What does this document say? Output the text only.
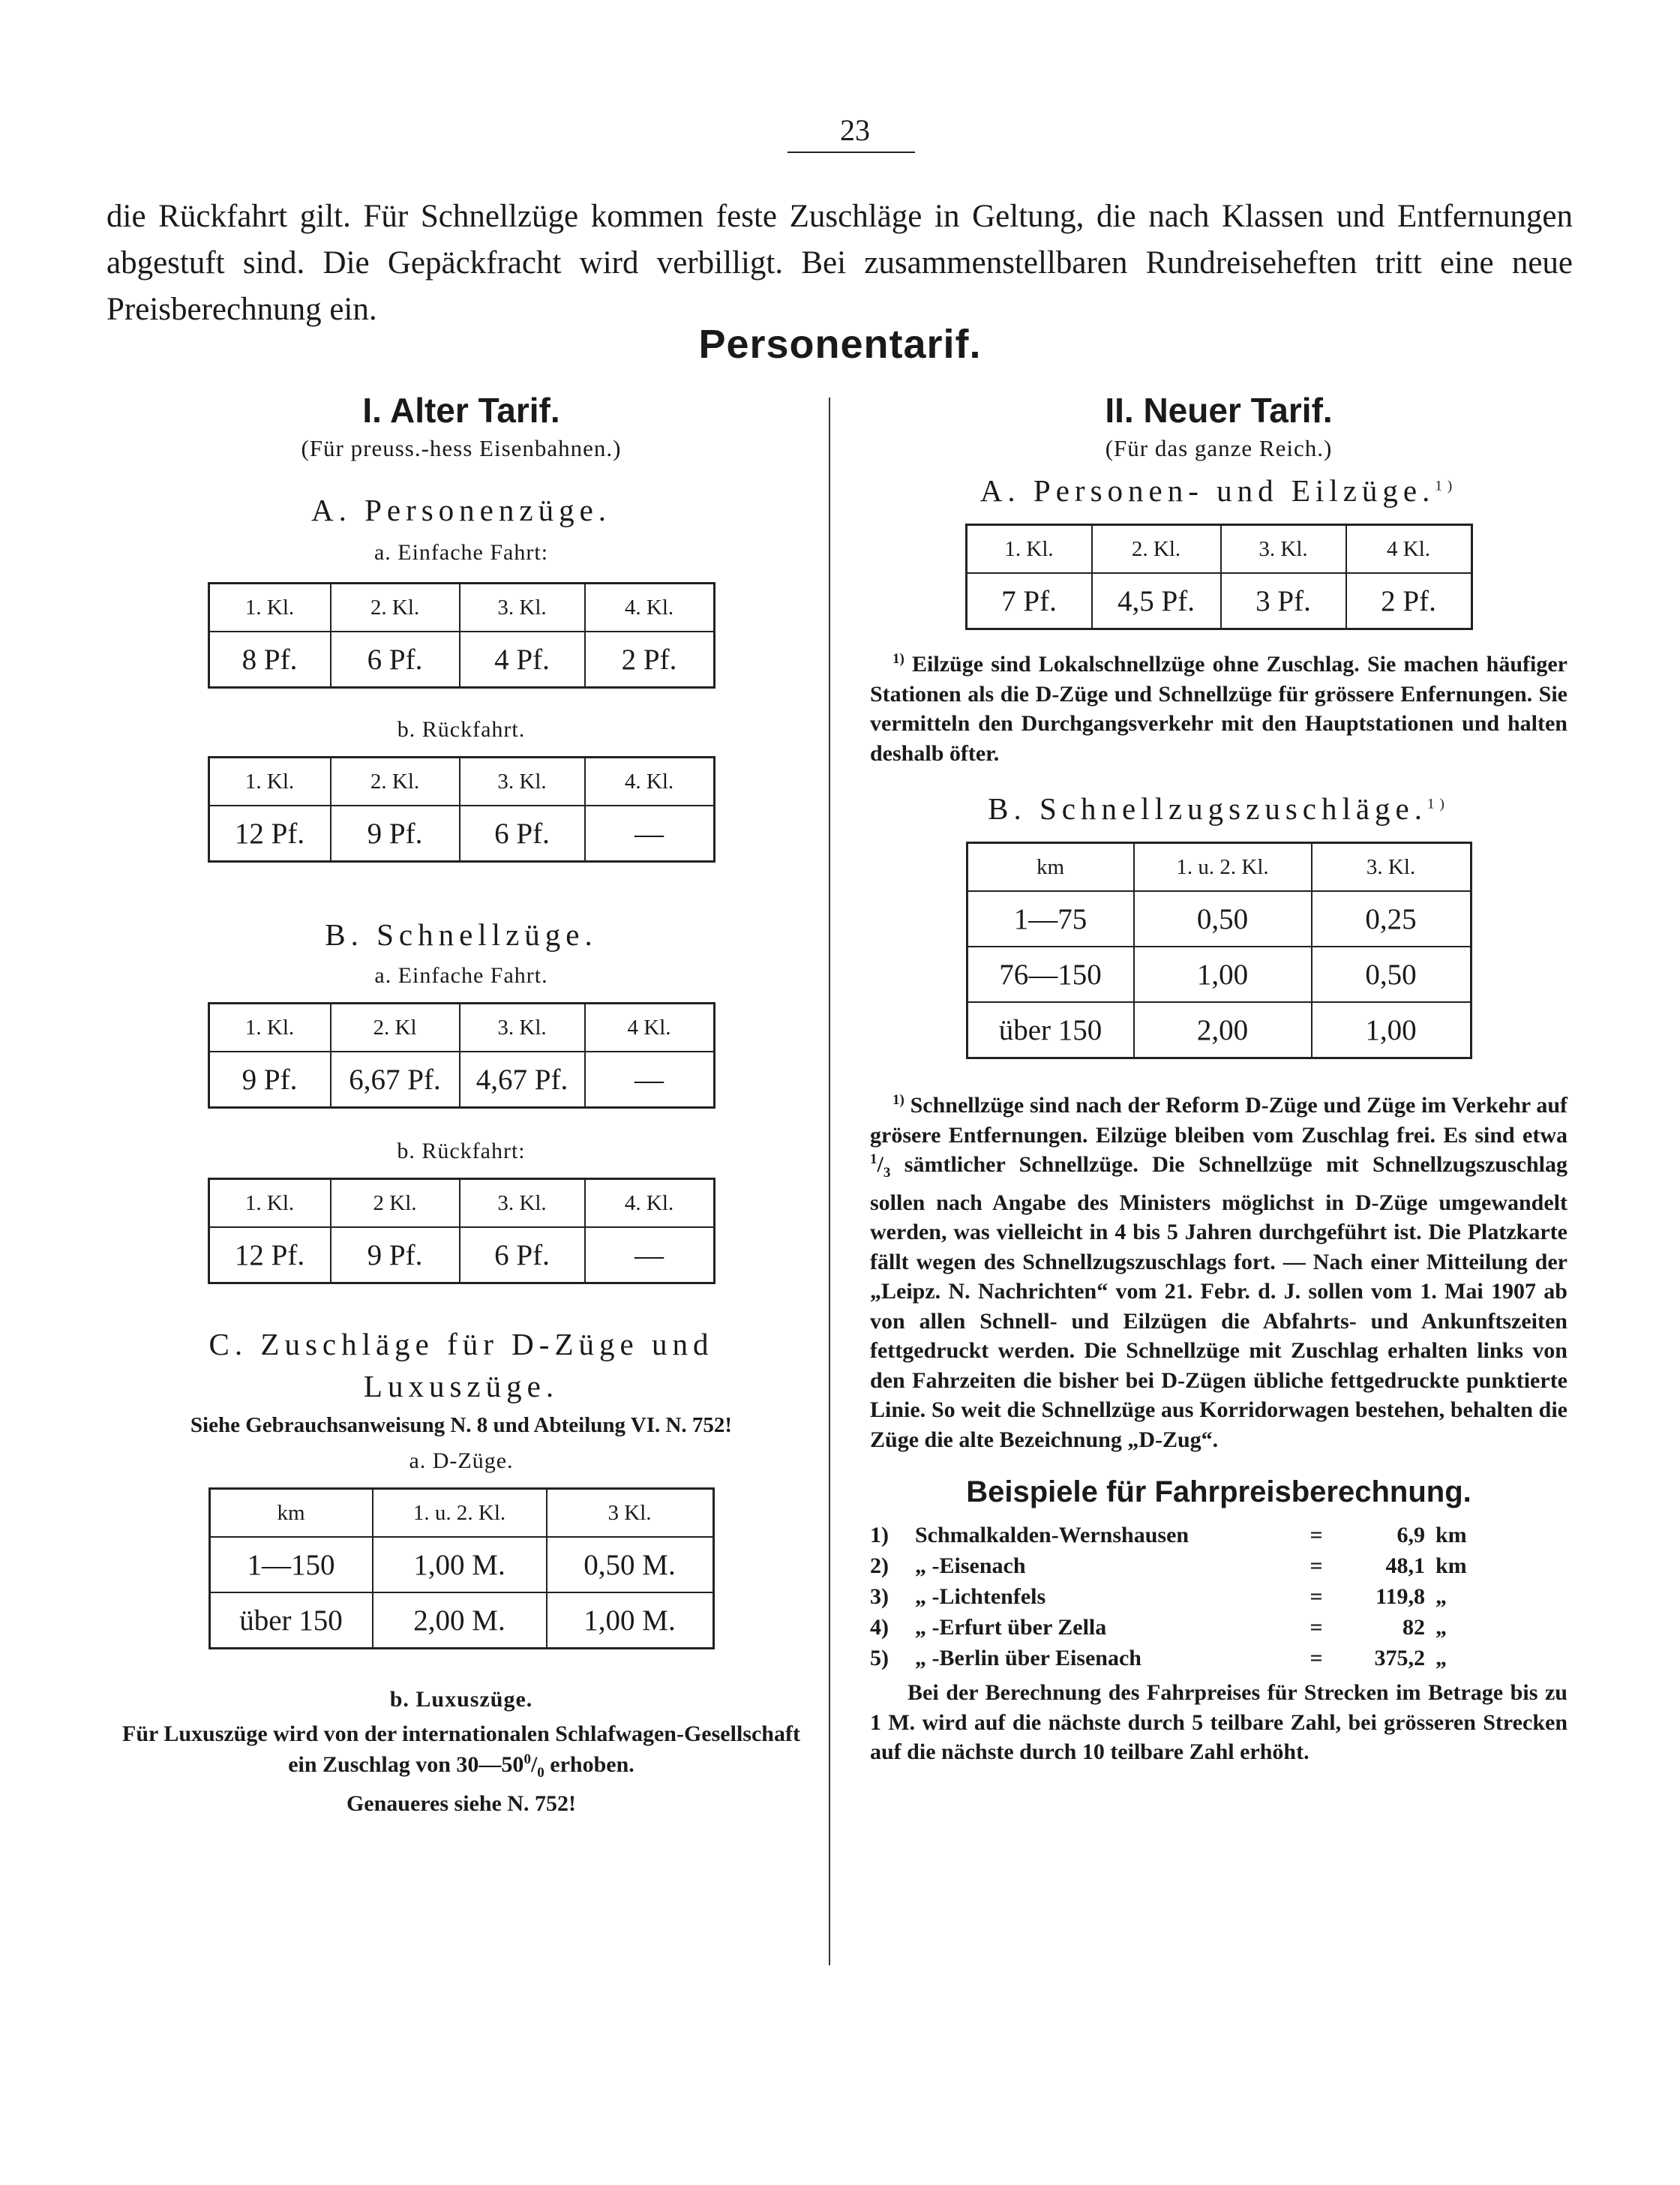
23

die Rückfahrt gilt. Für Schnellzüge kommen feste Zuschläge in Geltung, die nach Klassen und Entfernungen abgestuft sind. Die Gepäckfracht wird verbilligt. Bei zusammenstellbaren Rundreiseheften tritt eine neue Preisberechnung ein.

Personentarif.
I. Alter Tarif.
(Für preuss.-hess Eisenbahnen.)
A. Personenzüge.
a. Einfache Fahrt:
1. Kl.	2. Kl.	3. Kl.	4. Kl.
8 Pf.	6 Pf.	4 Pf.	2 Pf.
b. Rückfahrt.
1. Kl.	2. Kl.	3. Kl.	4. Kl.
12 Pf.	9 Pf.	6 Pf.	—
B. Schnellzüge.
a. Einfache Fahrt.
1. Kl.	2. Kl	3. Kl.	4 Kl.
9 Pf.	6,67 Pf.	4,67 Pf.	—
b. Rückfahrt:
1. Kl.	2 Kl.	3. Kl.	4. Kl.
12 Pf.	9 Pf.	6 Pf.	—
C. Zuschläge für D-Züge und
Luxuszüge.
Siehe Gebrauchsanweisung N. 8 und Abteilung VI. N. 752!
a. D-Züge.
km	1. u. 2. Kl.	3 Kl.
1—150	1,00 M.	0,50 M.
über 150	2,00 M.	1,00 M.
b. Luxuszüge.
Für Luxuszüge wird von der internationalen Schlafwagen-Gesellschaft ein Zuschlag von $30—50^0/_0$ erhoben.
Genaueres siehe N. 752!
II. Neuer Tarif.
(Für das ganze Reich.)
A. Personen- und Eilzüge.$^{1)}$
1. Kl.	2. Kl.	3. Kl.	4 Kl.
7 Pf.	4,5 Pf.	3 Pf.	2 Pf.
$^{1)}$ Eilzüge sind Lokalschnellzüge ohne Zuschlag. Sie machen häufiger Stationen als die D-Züge und Schnellzüge für grössere Enfernungen. Sie vermitteln den Durchgangsverkehr mit den Hauptstationen und halten deshalb öfter.
B. Schnellzugszuschläge.$^{1)}$
km	1. u. 2. Kl.	3. Kl.
1—75	0,50	0,25
76—150	1,00	0,50
über 150	2,00	1,00
$^{1)}$ Schnellzüge sind nach der Reform D-Züge und Züge im Verkehr auf grösere Entfernungen. Eilzüge bleiben vom Zuschlag frei. Es sind etwa $^1/_3$ sämtlicher Schnellzüge. Die Schnellzüge mit Schnellzugszuschlag sollen nach Angabe des Ministers möglichst in D-Züge umgewandelt werden, was vielleicht in 4 bis 5 Jahren durchgeführt ist. Die Platzkarte fällt wegen des Schnellzugszuschlags fort. — Nach einer Mitteilung der „Leipz. N. Nachrichten“ vom 21. Febr. d. J. sollen vom 1. Mai 1907 ab von allen Schnell- und Eilzügen die Abfahrts- und Ankunftszeiten fettgedruckt werden. Die Schnellzüge mit Zuschlag erhalten links von den Fahrzeiten die bisher bei D-Zügen übliche fettgedruckte punktierte Linie. So weit die Schnellzüge aus Korridorwagen bestehen, behalten die Züge die alte Bezeichnung „D-Zug“.
Beispiele für Fahrpreisberechnung.
1)	Schmalkalden-Wernshausen	=	6,9	km
2)	„ -Eisenach	=	48,1	km
3)	„ -Lichtenfels	=	119,8	„
4)	„ -Erfurt über Zella	=	82	„
5)	„ -Berlin über Eisenach	=	375,2	„
Bei der Berechnung des Fahrpreises für Strecken im Betrage bis zu 1 M. wird auf die nächste durch 5 teilbare Zahl, bei grösseren Strecken auf die nächste durch 10 teilbare Zahl erhöht.
